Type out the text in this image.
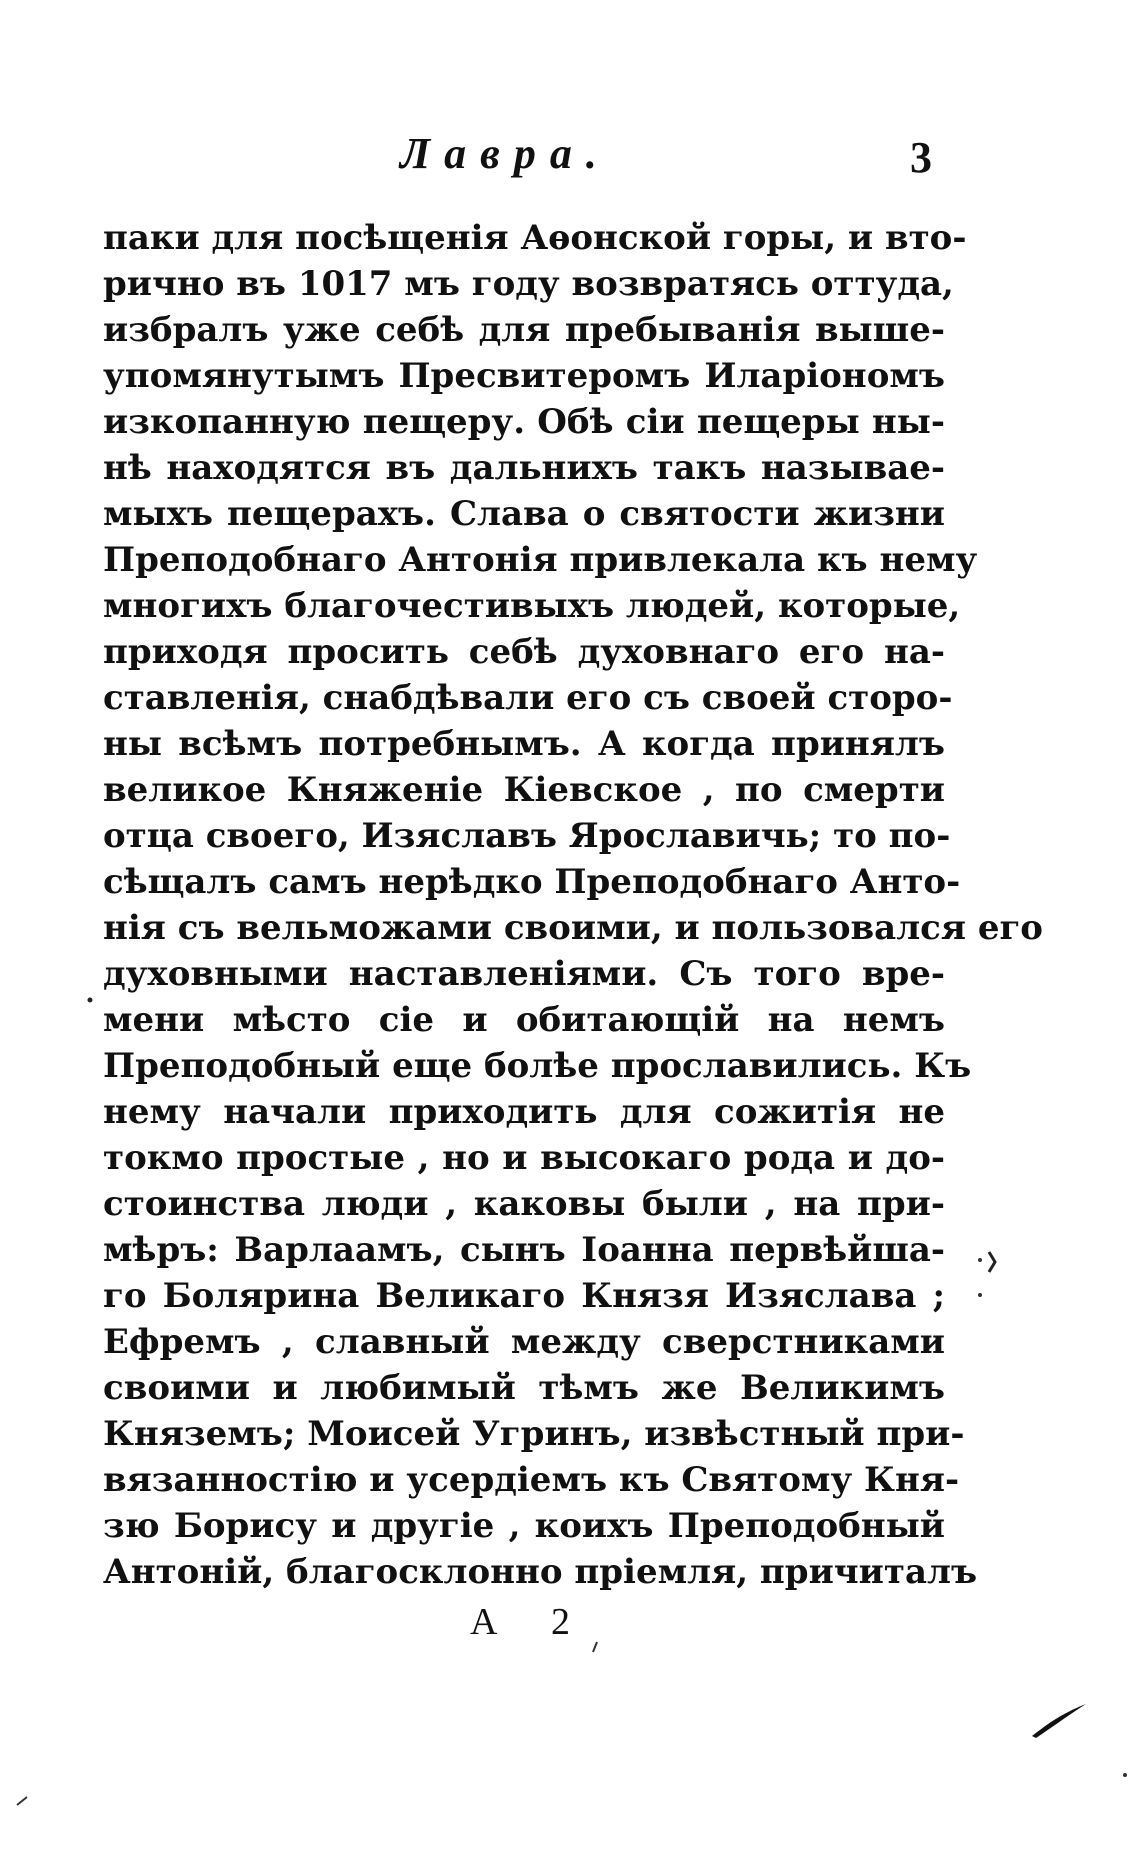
Лавра.	3
паки для посѣщенія Аѳонской горы, и вто-
рично въ 1017 мъ году возвратясь оттуда,
избралъ уже себѣ для пребыванія выше-
упомянутымъ Пресвитеромъ Иларіономъ
изкопанную пещеру. Обѣ сіи пещеры ны-
нѣ находятся въ дальнихъ такъ называе-
мыхъ пещерахъ. Слава о святости жизни
Преподобнаго Антонія привлекала къ нему
многихъ благочестивыхъ людей, которые,
приходя просить себѣ духовнаго его на-
ставленія, снабдѣвали его съ своей сторо-
ны всѣмъ потребнымъ. А когда принялъ
великое Княженіе Кіевское , по смерти
отца своего, Изяславъ Ярославичь; то по-
сѣщалъ самъ нерѣдко Преподобнаго Анто-
нія съ вельможами своими, и пользовался его
духовными наставленіями. Съ того вре-
мени мѣсто сіе и обитающій на немъ
Преподобный еще болѣе прославились. Къ
нему начали приходить для сожитія не
токмо простые , но и высокаго рода и до-
стоинства люди , каковы были , на при-
мѣръ: Варлаамъ, сынъ Іоанна первѣйша-
го Болярина Великаго Князя Изяслава ;
Ефремъ , славный между сверстниками
своими и любимый тѣмъ же Великимъ
Княземъ; Моисей Угринъ, извѣстный при-
вязанностію и усердіемъ къ Святому Кня-
зю Борису и другіе , коихъ Преподобный
Антоній, благосклонно пріемля, причиталъ
А 2
